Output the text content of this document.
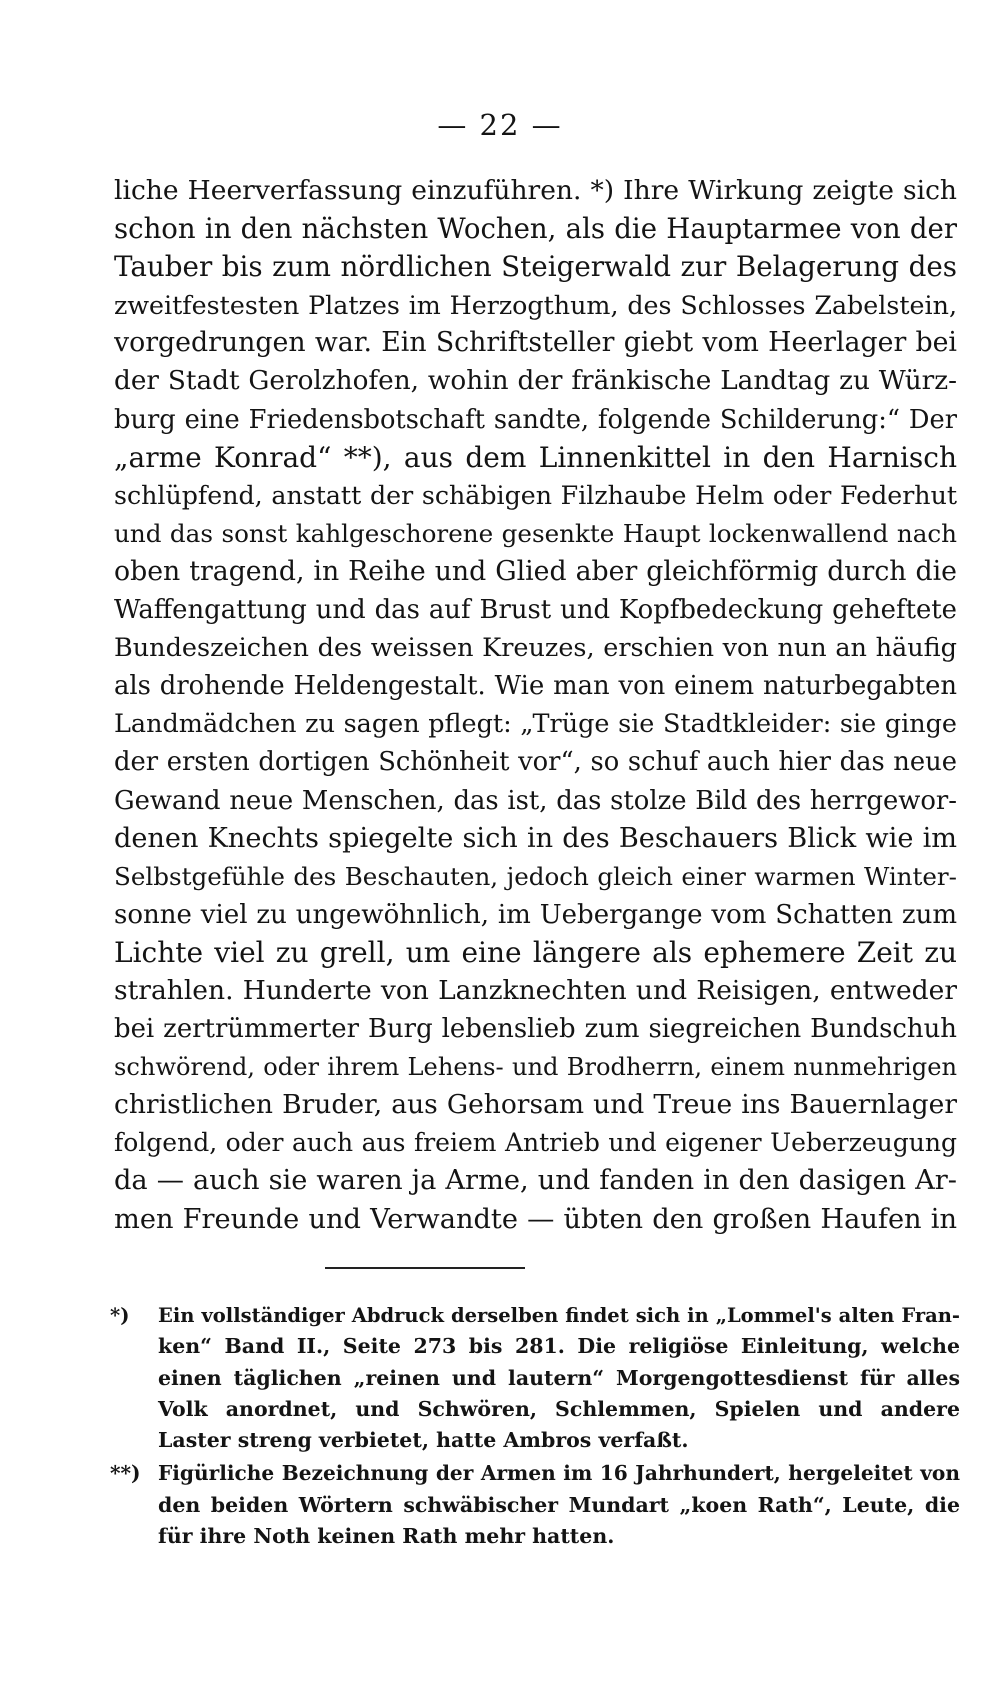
— 22 —
liche Heerverfassung einzuführen. *) Ihre Wirkung zeigte sich
schon in den nächsten Wochen, als die Hauptarmee von der
Tauber bis zum nördlichen Steigerwald zur Belagerung des
zweitfestesten Platzes im Herzogthum, des Schlosses Zabelstein,
vorgedrungen war. Ein Schriftsteller giebt vom Heerlager bei
der Stadt Gerolzhofen, wohin der fränkische Landtag zu Würz-
burg eine Friedensbotschaft sandte, folgende Schilderung:“ Der
„arme Konrad“ **), aus dem Linnenkittel in den Harnisch
schlüpfend, anstatt der schäbigen Filzhaube Helm oder Federhut
und das sonst kahlgeschorene gesenkte Haupt lockenwallend nach
oben tragend, in Reihe und Glied aber gleichförmig durch die
Waffengattung und das auf Brust und Kopfbedeckung geheftete
Bundeszeichen des weissen Kreuzes, erschien von nun an häufig
als drohende Heldengestalt. Wie man von einem naturbegabten
Landmädchen zu sagen pflegt: „Trüge sie Stadtkleider: sie ginge
der ersten dortigen Schönheit vor“, so schuf auch hier das neue
Gewand neue Menschen, das ist, das stolze Bild des herrgewor-
denen Knechts spiegelte sich in des Beschauers Blick wie im
Selbstgefühle des Beschauten, jedoch gleich einer warmen Winter-
sonne viel zu ungewöhnlich, im Uebergange vom Schatten zum
Lichte viel zu grell, um eine längere als ephemere Zeit zu
strahlen. Hunderte von Lanzknechten und Reisigen, entweder
bei zertrümmerter Burg lebenslieb zum siegreichen Bundschuh
schwörend, oder ihrem Lehens- und Brodherrn, einem nunmehrigen
christlichen Bruder, aus Gehorsam und Treue ins Bauernlager
folgend, oder auch aus freiem Antrieb und eigener Ueberzeugung
da — auch sie waren ja Arme, und fanden in den dasigen Ar-
men Freunde und Verwandte — übten den großen Haufen in
*) Ein vollständiger Abdruck derselben findet sich in „Lommel's alten Fran-
ken“ Band II., Seite 273 bis 281. Die religiöse Einleitung, welche
einen täglichen „reinen und lautern“ Morgengottesdienst für alles
Volk anordnet, und Schwören, Schlemmen, Spielen und andere
Laster streng verbietet, hatte Ambros verfaßt.
**) Figürliche Bezeichnung der Armen im 16 Jahrhundert, hergeleitet von
den beiden Wörtern schwäbischer Mundart „koen Rath“, Leute, die
für ihre Noth keinen Rath mehr hatten.
